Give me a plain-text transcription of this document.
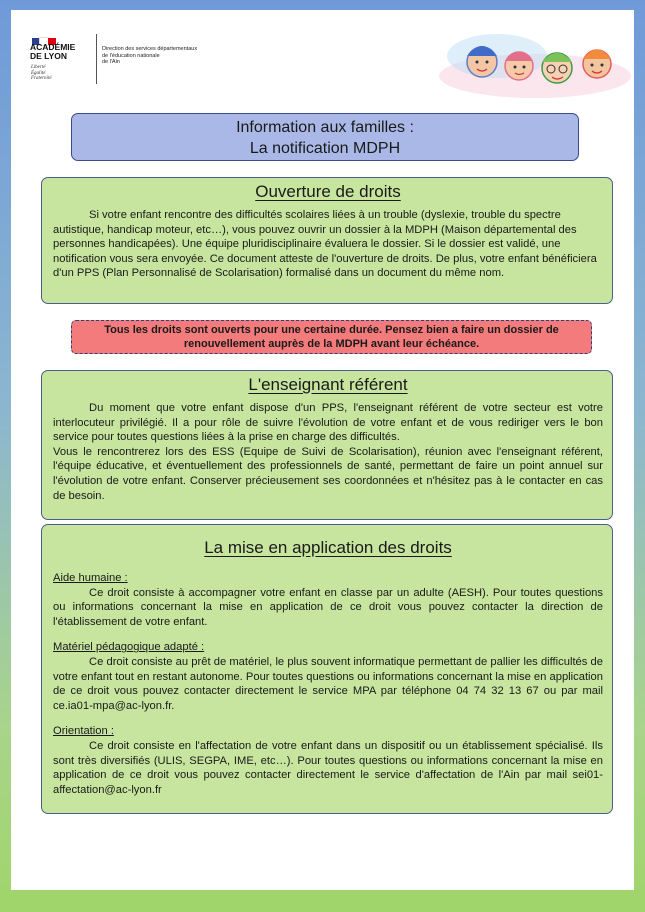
ACADÉMIE
DE LYON
Liberté
Égalité
Fraternité
Direction des services départementaux
de l'éducation nationale
de l'Ain
Information aux familles :
La notification MDPH
Ouverture de droits

Si votre enfant rencontre des difficultés scolaires liées à un trouble (dyslexie, trouble du spectre autistique, handicap moteur, etc…), vous pouvez ouvrir un dossier à la MDPH (Maison départemental des personnes handicapées). Une équipe pluridisciplinaire évaluera le dossier. Si le dossier est validé, une notification vous sera envoyée. Ce document atteste de l'ouverture de droits. De plus, votre enfant bénéficiera d'un PPS (Plan Personnalisé de Scolarisation) formalisé dans un document du même nom.

Tous les droits sont ouverts pour une certaine durée. Pensez bien a faire un dossier de renouvellement auprès de la MDPH avant leur échéance.
L'enseignant référent

Du moment que votre enfant dispose d'un PPS, l'enseignant référent de votre secteur est votre interlocuteur privilégié. Il a pour rôle de suivre l'évolution de votre enfant et de vous rediriger vers le bon service pour toutes questions liées à la prise en charge des difficultés.

Vous le rencontrerez lors des ESS (Equipe de Suivi de Scolarisation), réunion avec l'enseignant référent, l'équipe éducative, et éventuellement des professionnels de santé, permettant de faire un point annuel sur l'évolution de votre enfant. Conserver précieusement ses coordonnées et n'hésitez pas à le contacter en cas de besoin.

La mise en application des droits

Aide humaine :

Ce droit consiste à accompagner votre enfant en classe par un adulte (AESH). Pour toutes questions ou informations concernant la mise en application de ce droit vous pouvez contacter la direction de l'établissement de votre enfant.

Matériel pédagogique adapté :

Ce droit consiste au prêt de matériel, le plus souvent informatique permettant de pallier les difficultés de votre enfant tout en restant autonome. Pour toutes questions ou informations concernant la mise en application de ce droit vous pouvez contacter directement le service MPA par téléphone 04 74 32 13 67 ou par mail ce.ia01-mpa@ac-lyon.fr.

Orientation :

Ce droit consiste en l'affectation de votre enfant dans un dispositif ou un établissement spécialisé. Ils sont très diversifiés (ULIS, SEGPA, IME, etc…). Pour toutes questions ou informations concernant la mise en application de ce droit vous pouvez contacter directement le service d'affectation de l'Ain par mail sei01-affectation@ac-lyon.fr
